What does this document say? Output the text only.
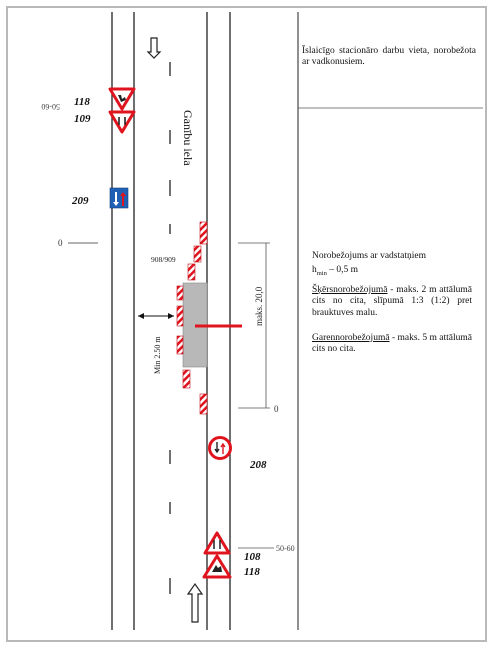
Ganību iela
50-60
0
0
maks. 20,0
50-60
Min 2.50 m
908/909
118
109
209
208
108
118
Īslaicīgo stacionāro darbu vieta, norobežota ar vadkonusiem.
Norobežojums ar vadstatņiem
$h_{min} - 0,5$ m
Šķērsnorobežojumā - maks. 2 m attālumā cits no cita, slīpumā 1:3 (1:2) pret brauktuves malu.
Garennorobežojumā - maks. 5 m attālumā cits no cita.
